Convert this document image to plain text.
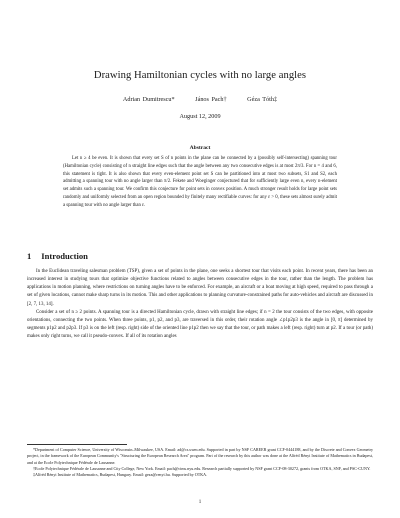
Drawing Hamiltonian cycles with no large angles
Adrian Dumitrescu*	János Pach†	Géza Tóth‡
August 12, 2009
Abstract
Let n ≥ 4 be even. It is shown that every set S of n points in the plane can be connected by a (possibly self-intersecting) spanning tour (Hamiltonian cycle) consisting of n straight line edges such that the angle between any two consecutive edges is at most 2π/3. For n = 4 and 6, this statement is tight. It is also shown that every even-element point set S can be partitioned into at most two subsets, S1 and S2, each admitting a spanning tour with no angle larger than π/2. Fekete and Woeginger conjectured that for sufficiently large even n, every n-element set admits such a spanning tour. We confirm this conjecture for point sets in convex position. A much stronger result holds for large point sets randomly and uniformly selected from an open region bounded by finitely many rectifiable curves: for any ε > 0, these sets almost surely admit a spanning tour with no angle larger than ε.
1 Introduction

In the Euclidean traveling salesman problem (TSP), given a set of points in the plane, one seeks a shortest tour that visits each point. In recent years, there has been an increased interest in studying tours that optimize objective functions related to angles between consecutive edges in the tour, rather than the length. The problem has applications in motion planning, where restrictions on turning angles have to be enforced. For example, an aircraft or a boat moving at high speed, required to pass through a set of given locations, cannot make sharp turns in its motion. This and other applications to planning curvature-constrained paths for auto-vehicles and aircraft are discussed in [2, 7, 13, 14].

Consider a set of n ≥ 2 points. A spanning tour is a directed Hamiltonian cycle, drawn with straight line edges; if n = 2 the tour consists of the two edges, with opposite orientations, connecting the two points. When three points, p1, p2, and p3, are traversed in this order, their rotation angle ∠p1p2p3 is the angle in [0, π] determined by segments p1p2 and p2p3. If p3 is on the left (resp. right) side of the oriented line p1p2 then we say that the tour, or path makes a left (resp. right) turn at p2. If a tour (or path) makes only right turns, we call it pseudo-convex. If all of its rotation angles

*Department of Computer Science, University of Wisconsin–Milwaukee, USA. Email: ad@cs.uwm.edu. Supported in part by NSF CAREER grant CCF-0444188, and by the Discrete and Convex Geometry project, in the framework of the European Community's "Structuring the European Research Area" program. Part of the research by this author was done at the Alfréd Rényi Institute of Mathematics in Budapest, and at the Ecole Polytechnique Fédérale de Lausanne.

†Ecole Polytechnique Fédérale de Lausanne and City College, New York. Email: pach@cims.nyu.edu. Research partially supported by NSF grant CCF-08-30272, grants from OTKA, SNF, and PSC-CUNY.

‡Alfréd Rényi Institute of Mathematics, Budapest, Hungary. Email: geza@renyi.hu. Supported by OTKA.

1
